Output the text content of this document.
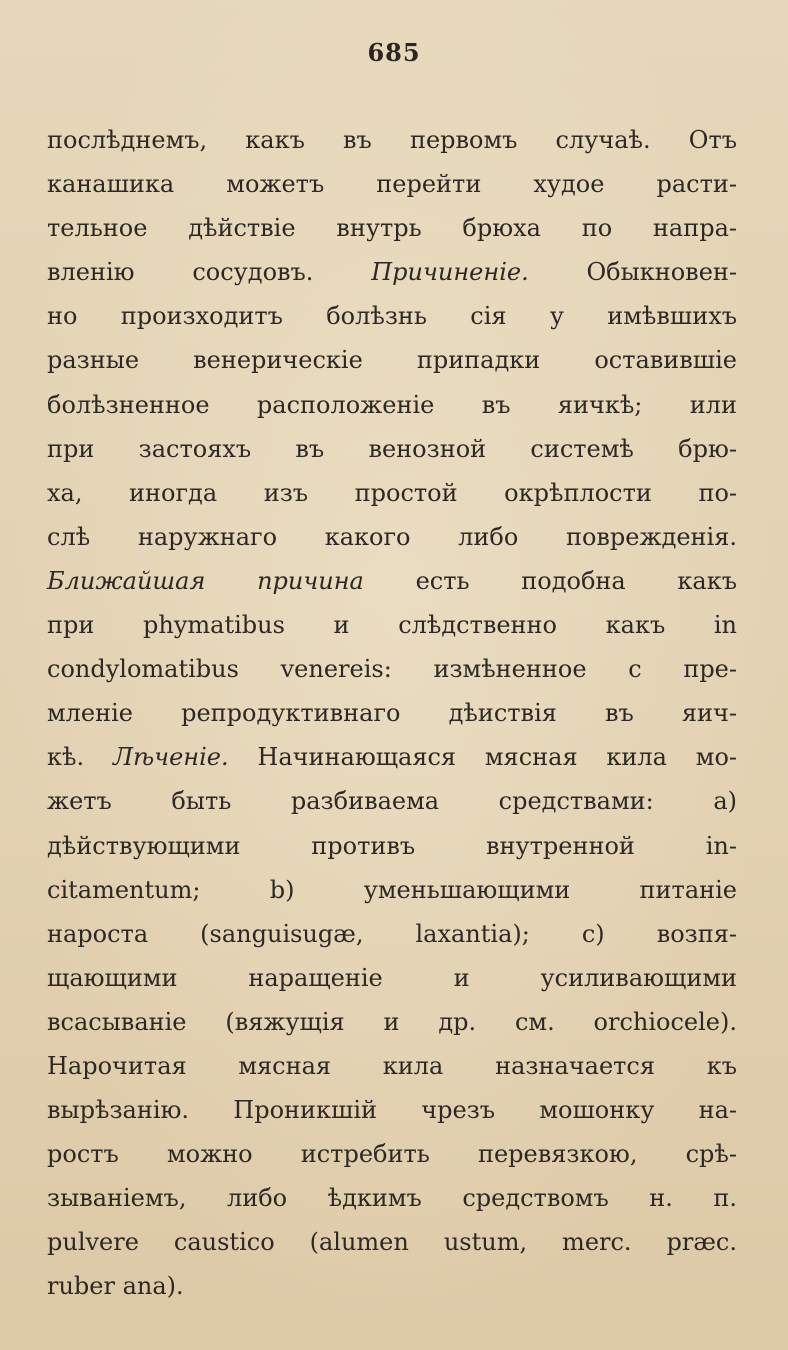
685
послѣднемъ, какъ въ первомъ случаѣ. Отъ
канашика можетъ перейти худое расти-
тельное дѣйствіе внутрь брюха по напра-
вленію сосудовъ. Причиненіе. Обыкновен-
но произходитъ болѣзнь сія у имѣвшихъ
разные венерическіе припадки оставившіе
болѣзненное расположеніе въ яичкѣ; или
при застояхъ въ венозной системѣ брю-
ха, иногда изъ простой окрѣплости по-
слѣ наружнаго какого либо поврежденія.
Ближайшая причина есть подобна какъ
при phymatibus и слѣдственно какъ in
condylomatibus venereis: измѣненное с пре-
мленіе репродуктивнаго дѣиствія въ яич-
кѣ. Лѣченіе. Начинающаяся мясная кила мо-
жетъ быть разбиваема средствами: a)
дѣйствующими противъ внутренной in-
citamentum; b) уменьшающими питаніе
нароста (sanguisugæ, laxantia); c) возпя-
щающими наращеніе и усиливающими
всасываніе (вяжущія и др. см. orchiocele).
Нарочитая мясная кила назначается къ
вырѣзанію. Проникшій чрезъ мошонку на-
ростъ можно истребить перевязкою, срѣ-
зываніемъ, либо ѣдкимъ средствомъ н. п.
pulvere caustico (alumen ustum, merc. præc.
ruber ana).
